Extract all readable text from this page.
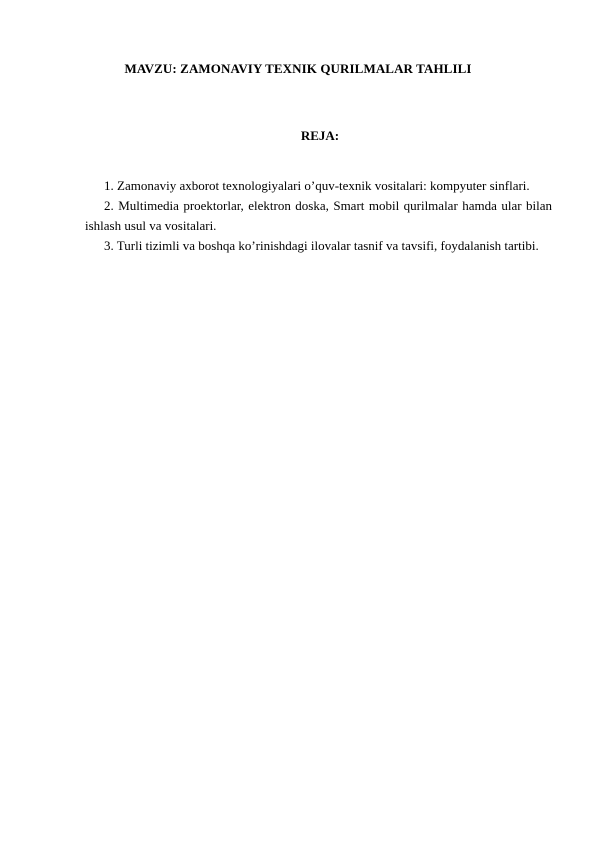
MAVZU: ZAMONAVIY TEXNIK QURILMALAR TAHLILI
REJA:
1. Zamonaviy axborot texnologiyalari o’quv-texnik vositalari: kompyuter sinflari.
2. Multimedia proektorlar, elektron doska, Smart mobil qurilmalar hamda ular bilan ishlash usul va vositalari.
3. Turli tizimli va boshqa ko’rinishdagi ilovalar tasnif va tavsifi, foydalanish tartibi.
